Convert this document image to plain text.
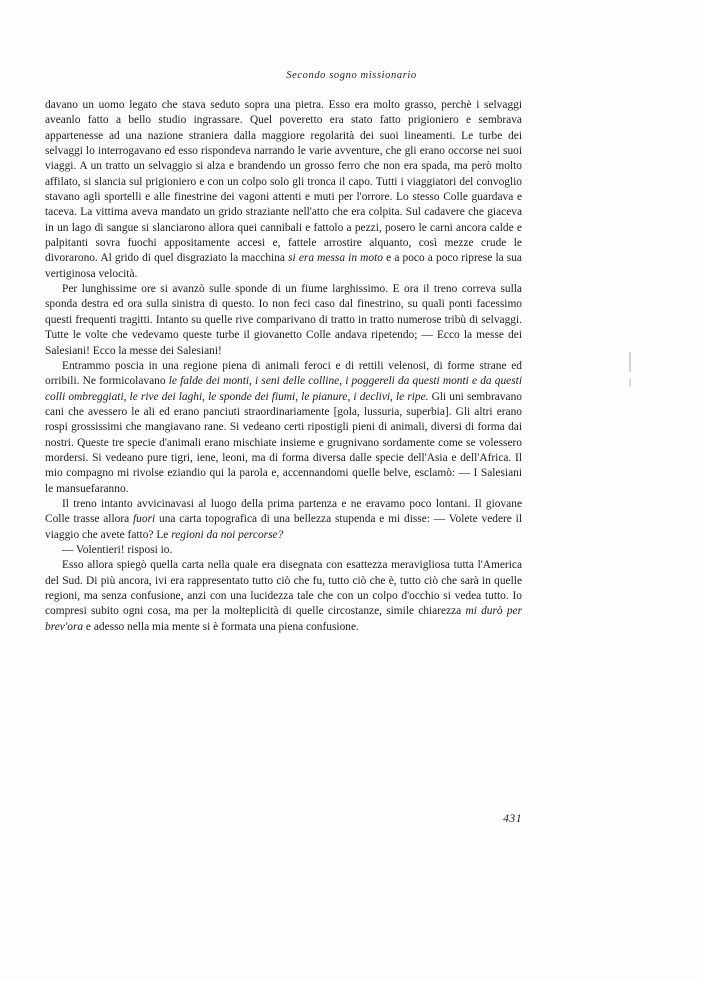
Secondo sogno missionario

davano un uomo legato che stava seduto sopra una pietra. Esso era molto grasso, perchè i selvaggi aveanlo fatto a bello studio ingrassare. Quel poveretto era stato fatto prigioniero e sembrava appartenesse ad una nazione straniera dalla maggiore regolarità dei suoi lineamenti. Le turbe dei selvaggi lo interrogavano ed esso rispondeva narrando le varie avventure, che gli erano occorse nei suoi viaggi. A un tratto un selvaggio si alza e brandendo un grosso ferro che non era spada, ma però molto affilato, si slancia sul prigioniero e con un colpo solo gli tronca il capo. Tutti i viaggiatori del convoglio stavano agli sportelli e alle finestrine dei vagoni attenti e muti per l'orrore. Lo stesso Colle guardava e taceva. La vittima aveva mandato un grido straziante nell'atto che era colpita. Sul cadavere che giaceva in un lago di sangue si slanciarono allora quei cannibali e fattolo a pezzi, posero le carni ancora calde e palpitanti sovra fuochi appositamente accesi e, fattele arrostire alquanto, così mezze crude le divorarono. Al grido di quel disgraziato la macchina si era messa in moto e a poco a poco riprese la sua vertiginosa velocità.

Per lunghissime ore si avanzò sulle sponde di un fiume larghissimo. E ora il treno correva sulla sponda destra ed ora sulla sinistra di questo. Io non feci caso dal finestrino, su quali ponti facessimo questi frequenti tragitti. Intanto su quelle rive comparivano di tratto in tratto numerose tribù di selvaggi. Tutte le volte che vedevamo queste turbe il giovanetto Colle andava ripetendo; — Ecco la messe dei Salesiani! Ecco la messe dei Salesiani!

Entrammo poscia in una regione piena di animali feroci e di rettili velenosi, di forme strane ed orribili. Ne formicolavano le falde dei monti, i seni delle colline, i poggereli da questi monti e da questi colli ombreggiati, le rive dei laghi, le sponde dei fiumi, le pianure, i declivi, le ripe. Gli uni sembravano cani che avessero le ali ed erano panciuti straordinariamente [gola, lussuria, superbia]. Gli altri erano rospi grossissimi che mangiavano rane. Si vedeano certi ripostigli pieni di animali, diversi di forma dai nostri. Queste tre specie d'animali erano mischiate insieme e grugnivano sordamente come se volessero mordersi. Si vedeano pure tigri, iene, leoni, ma di forma diversa dalle specie dell'Asia e dell'Africa. Il mio compagno mi rivolse eziandio qui la parola e, accennandomi quelle belve, esclamò: — I Salesiani le mansuefaranno.

Il treno intanto avvicinavasi al luogo della prima partenza e ne eravamo poco lontani. Il giovane Colle trasse allora fuori una carta topografica di una bellezza stupenda e mi disse: — Volete vedere il viaggio che avete fatto? Le regioni da noi percorse?

— Volentieri! risposi io.

Esso allora spiegò quella carta nella quale era disegnata con esattezza meravigliosa tutta l'America del Sud. Di più ancora, ivi era rappresentato tutto ciò che fu, tutto ciò che è, tutto ciò che sarà in quelle regioni, ma senza confusione, anzi con una lucidezza tale che con un colpo d'occhio si vedea tutto. Io compresi subito ogni cosa, ma per la molteplicità di quelle circostanze, simile chiarezza mi durò per brev'ora e adesso nella mia mente si è formata una piena confusione.

431
